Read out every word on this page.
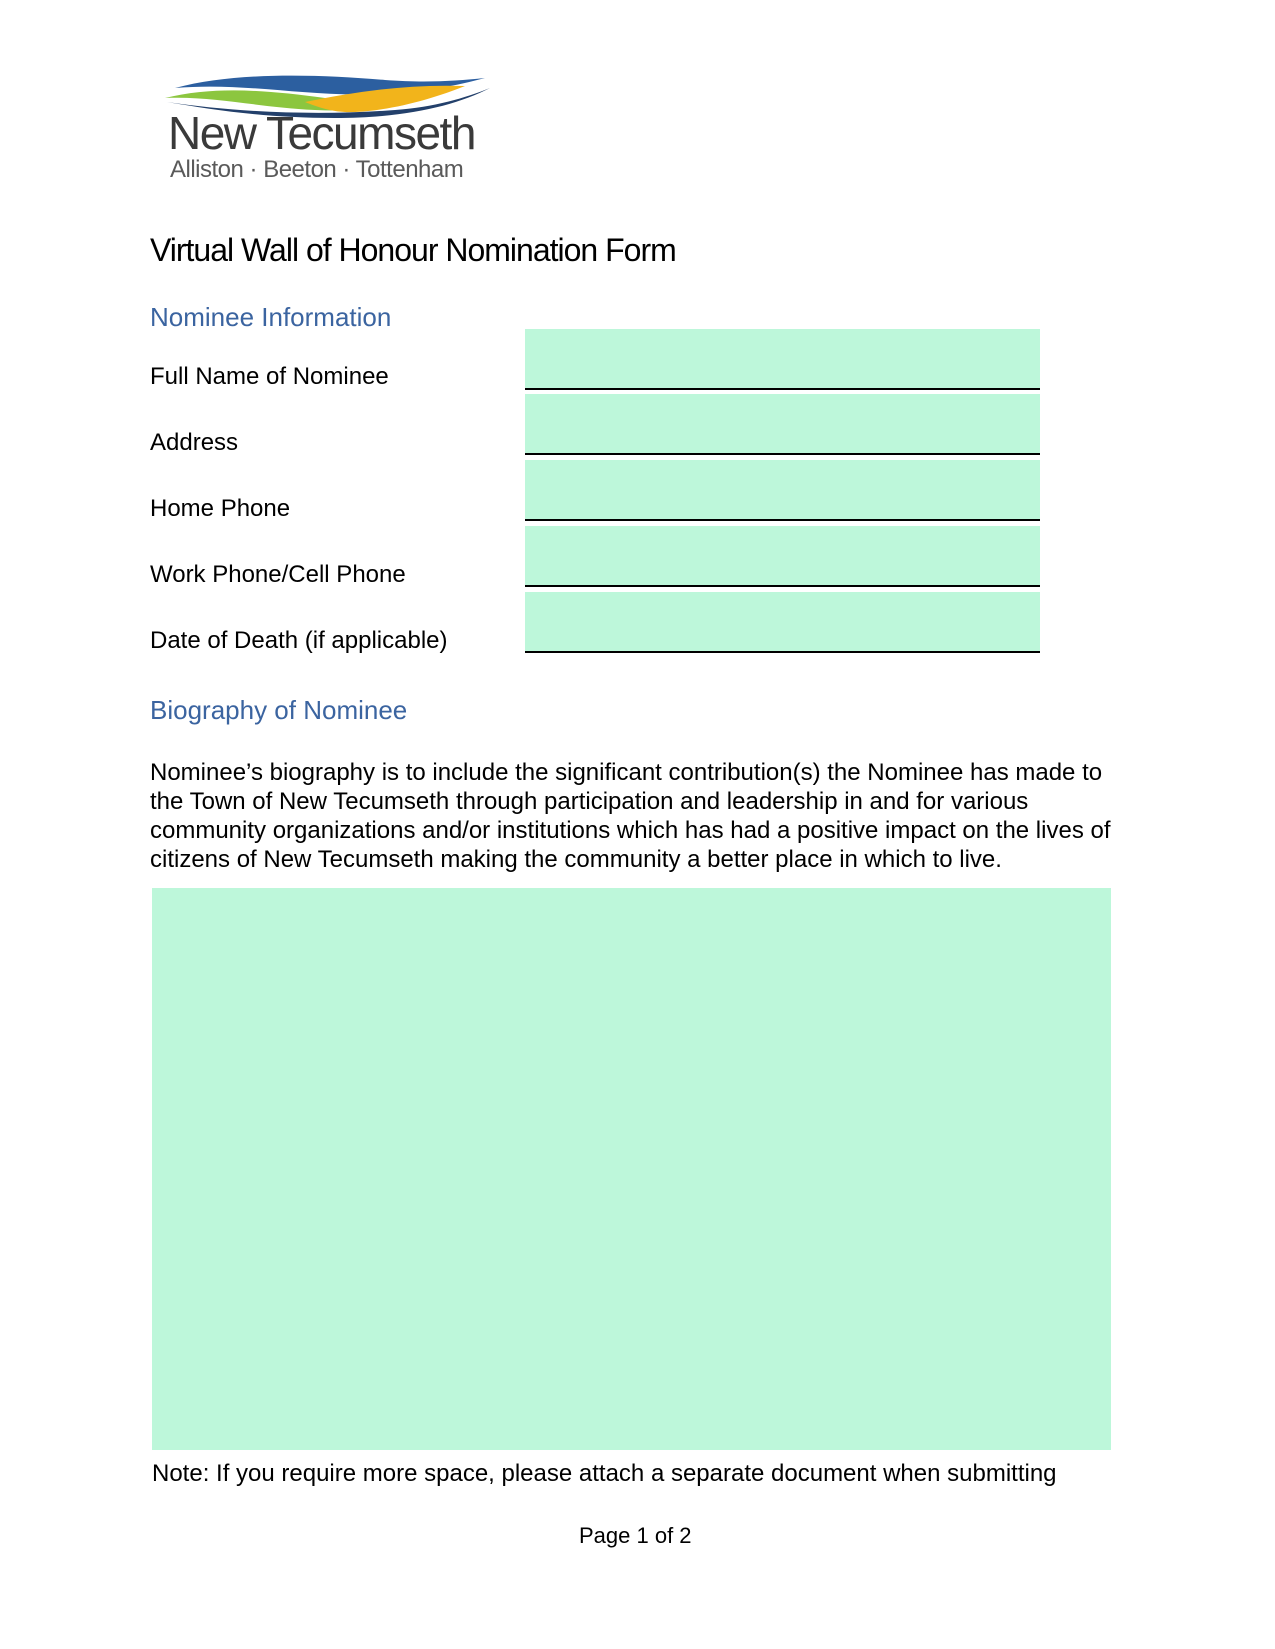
New Tecumseth
Alliston · Beeton · Tottenham
Virtual Wall of Honour Nomination Form
Nominee Information
Full Name of Nominee
Address
Home Phone
Work Phone/Cell Phone
Date of Death (if applicable)
Biography of Nominee
Nominee’s biography is to include the significant contribution(s) the Nominee has made to the Town of New Tecumseth through participation and leadership in and for various community organizations and/or institutions which has had a positive impact on the lives of citizens of New Tecumseth making the community a better place in which to live.
Note: If you require more space, please attach a separate document when submitting
Page 1 of 2
